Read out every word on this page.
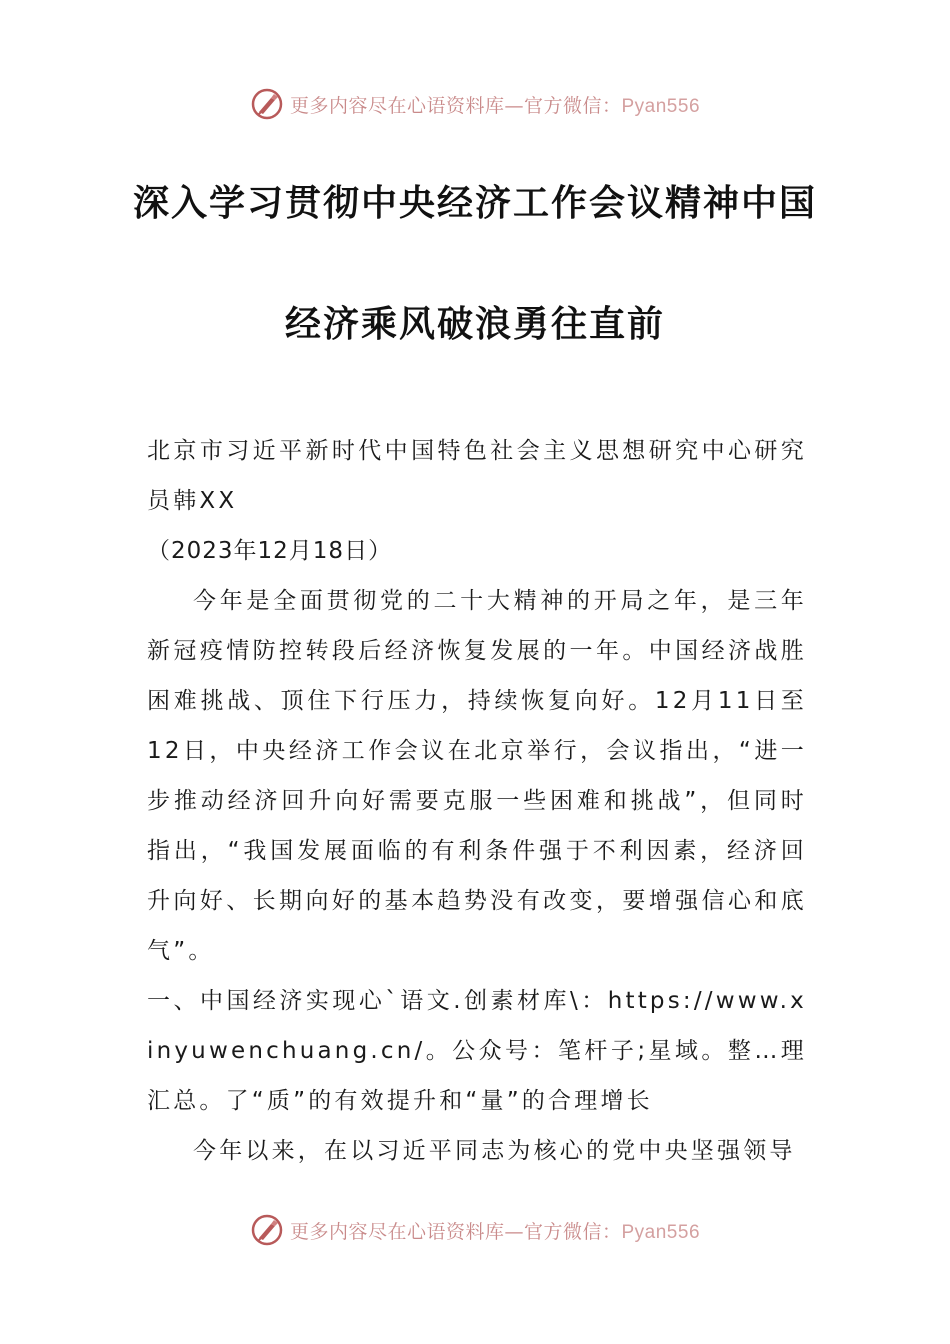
更多内容尽在心语资料库—官方微信：Pyan556
深入学习贯彻中央经济工作会议精神中国
经济乘风破浪勇往直前

北京市习近平新时代中国特色社会主义思想研究中心研究员韩XX

（2023年12月18日）

今年是全面贯彻党的二十大精神的开局之年，是三年新冠疫情防控转段后经济恢复发展的一年。中国经济战胜困难挑战、顶住下行压力，持续恢复向好。12月11日至12日，中央经济工作会议在北京举行，会议指出，“进一步推动经济回升向好需要克服一些困难和挑战”，但同时指出，“我国发展面临的有利条件强于不利因素，经济回升向好、长期向好的基本趋势没有改变，要增强信心和底气”。

一、中国经济实现心`语文.创素材库\：https://www.xinyuwenchuang.cn/。公众号：笔杆子;星域。整…理汇总。了“质”的有效提升和“量”的合理增长

今年以来，在以习近平同志为核心的党中央坚强领导

更多内容尽在心语资料库—官方微信：Pyan556
